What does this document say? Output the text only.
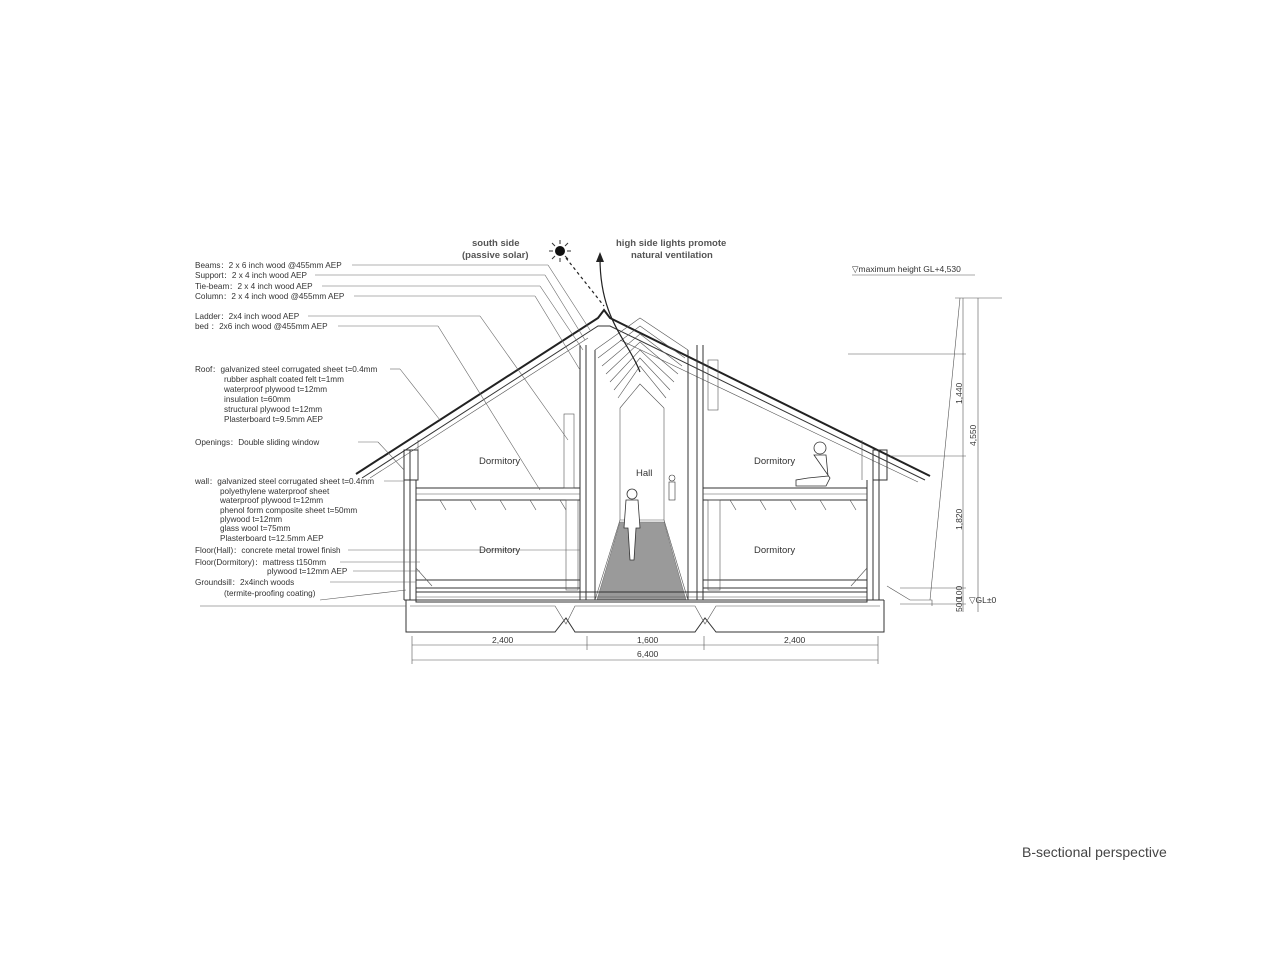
south side
(passive solar)
high side lights promote
natural ventilation
Beams：2 x 6 inch wood @455mm AEP
Support：2 x 4 inch wood AEP
Tie-beam：2 x 4 inch wood AEP
Column：2 x 4 inch wood @455mm AEP
Ladder：2x4 inch wood AEP
bed ：2x6 inch wood @455mm AEP
Roof：galvanized steel corrugated sheet t=0.4mm
rubber asphalt coated felt t=1mm
waterproof plywood t=12mm
insulation t=60mm
structural plywood t=12mm
Plasterboard t=9.5mm AEP
Openings：Double sliding window
wall：galvanized steel corrugated sheet t=0.4mm
polyethylene waterproof sheet
waterproof plywood t=12mm
phenol form composite sheet t=50mm
plywood t=12mm
glass wool t=75mm
Plasterboard t=12.5mm AEP
Floor(Hall)：concrete metal trowel finish
Floor(Dormitory)：mattress t150mm
plywood t=12mm AEP
Groundsill：2x4inch woods
(termite-proofing coating)
Dormitory
Dormitory
Hall
Dormitory
Dormitory
▽maximum height GL+4,530
1,440
4,550
1,820
500
100 ▽GL±0
2,400	1,600	2,400
6,400
B-sectional perspective
